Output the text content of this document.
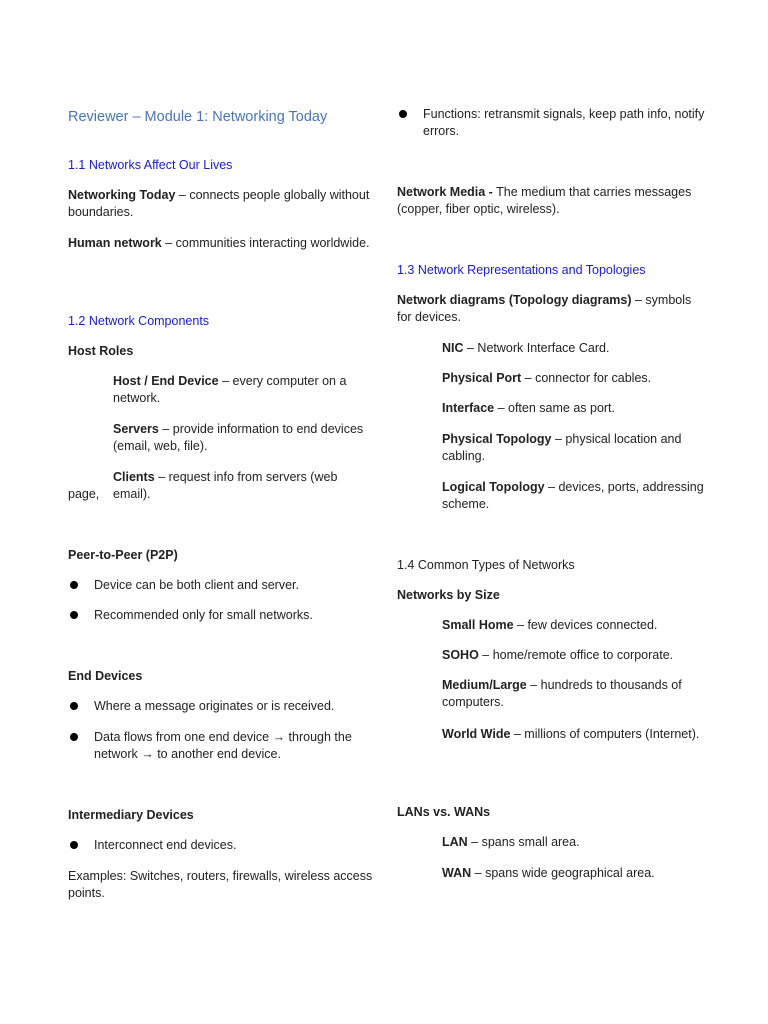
Reviewer – Module 1: Networking Today
1.1 Networks Affect Our Lives
Networking Today – connects people globally without boundaries.
Human network – communities interacting worldwide.
1.2 Network Components
Host Roles
Host / End Device – every computer on a network.
Servers – provide information to end devices (email, web, file).
Clients – request info from servers (web
email).
page,
Peer-to-Peer (P2P)
Device can be both client and server.
Recommended only for small networks.
End Devices
Where a message originates or is received.
Data flows from one end device → through the network → to another end device.
Intermediary Devices
Interconnect end devices.
Examples: Switches, routers, firewalls, wireless access points.
Functions: retransmit signals, keep path info, notify errors.
Network Media - The medium that carries messages (copper, fiber optic, wireless).
1.3 Network Representations and Topologies
Network diagrams (Topology diagrams) – symbols for devices.
NIC – Network Interface Card.
Physical Port – connector for cables.
Interface – often same as port.
Physical Topology – physical location and cabling.
Logical Topology – devices, ports, addressing scheme.
1.4 Common Types of Networks
Networks by Size
Small Home – few devices connected.
SOHO – home/remote office to corporate.
Medium/Large – hundreds to thousands of computers.
World Wide – millions of computers (Internet).
LANs vs. WANs
LAN – spans small area.
WAN – spans wide geographical area.
